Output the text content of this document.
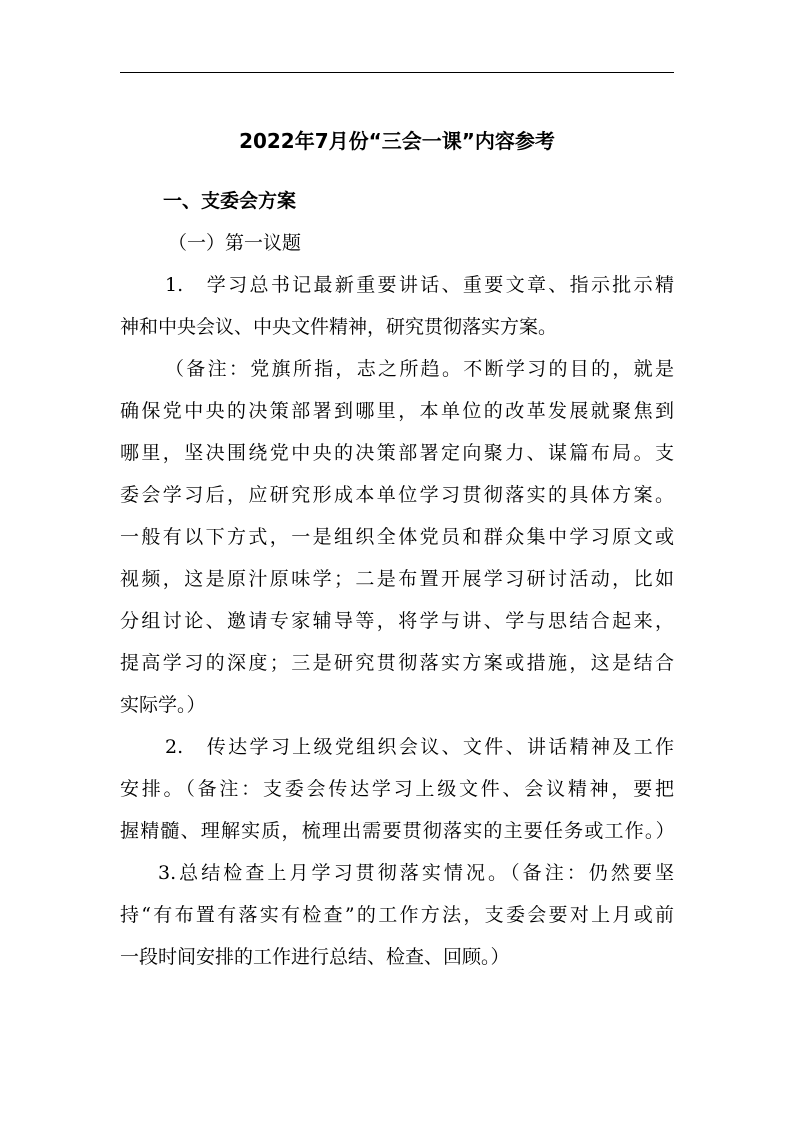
2022年7月份“三会一课”内容参考
一、支委会方案
（一）第一议题
1.　学习总书记最新重要讲话、重要文章、指示批示精
神和中央会议、中央文件精神，研究贯彻落实方案。
（备注：党旗所指，志之所趋。不断学习的目的，就是
确保党中央的决策部署到哪里，本单位的改革发展就聚焦到
哪里，坚决围绕党中央的决策部署定向聚力、谋篇布局。支
委会学习后，应研究形成本单位学习贯彻落实的具体方案。
一般有以下方式，一是组织全体党员和群众集中学习原文或
视频，这是原汁原味学；二是布置开展学习研讨活动，比如
分组讨论、邀请专家辅导等，将学与讲、学与思结合起来，
提高学习的深度；三是研究贯彻落实方案或措施，这是结合
实际学。）
2.　传达学习上级党组织会议、文件、讲话精神及工作
安排。（备注：支委会传达学习上级文件、会议精神，要把
握精髓、理解实质，梳理出需要贯彻落实的主要任务或工作。）
3.总结检查上月学习贯彻落实情况。（备注：仍然要坚
持“有布置有落实有检查”的工作方法，支委会要对上月或前
一段时间安排的工作进行总结、检查、回顾。）
